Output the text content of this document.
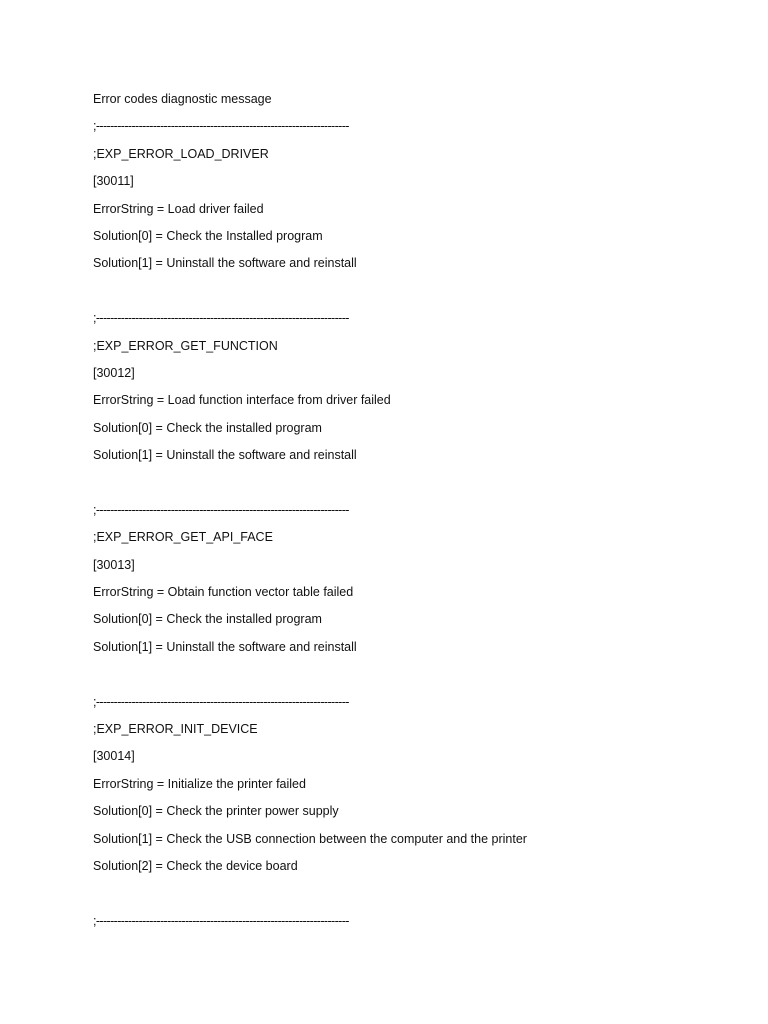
Error codes diagnostic message
;-----------------------------------------------------------------------
;EXP_ERROR_LOAD_DRIVER
[30011]
ErrorString = Load driver failed
Solution[0] = Check the Installed program
Solution[1] = Uninstall the software and reinstall
;-----------------------------------------------------------------------
;EXP_ERROR_GET_FUNCTION
[30012]
ErrorString = Load function interface from driver failed
Solution[0] = Check the installed program
Solution[1] = Uninstall the software and reinstall
;-----------------------------------------------------------------------
;EXP_ERROR_GET_API_FACE
[30013]
ErrorString = Obtain function vector table failed
Solution[0] = Check the installed program
Solution[1] = Uninstall the software and reinstall
;-----------------------------------------------------------------------
;EXP_ERROR_INIT_DEVICE
[30014]
ErrorString = Initialize the printer failed
Solution[0] = Check the printer power supply
Solution[1] = Check the USB connection between the computer and the printer
Solution[2] = Check the device board
;-----------------------------------------------------------------------
